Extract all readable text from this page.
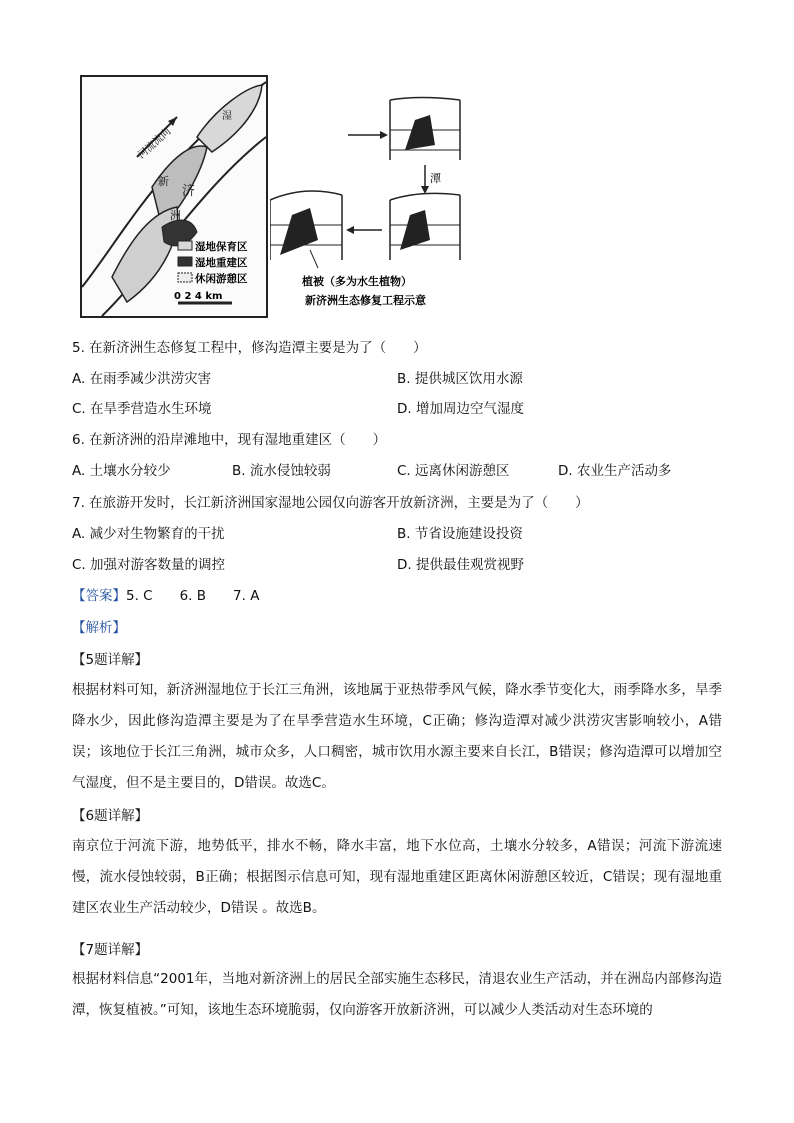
河流流向
新
济
洲
湿
湿地保育区
湿地重建区
休闲游憩区
0 2 4 km
潭
植被（多为水生植物）
新济洲生态修复工程示意
5. 在新济洲生态修复工程中，修沟造潭主要是为了（　　）
A. 在雨季减少洪涝灾害	B. 提供城区饮用水源
C. 在旱季营造水生环境	D. 增加周边空气湿度
6. 在新济洲的沿岸滩地中，现有湿地重建区（　　）
A. 土壤水分较少	B. 流水侵蚀较弱	C. 远离休闲游憩区	D. 农业生产活动多
7. 在旅游开发时，长江新济洲国家湿地公园仅向游客开放新济洲，主要是为了（　　）
A. 减少对生物繁育的干扰	B. 节省设施建设投资
C. 加强对游客数量的调控	D. 提供最佳观赏视野
【答案】5. C　　6. B　　7. A
【解析】
【5题详解】
根据材料可知，新济洲湿地位于长江三角洲，该地属于亚热带季风气候，降水季节变化大，雨季降水多，旱季降水少，因此修沟造潭主要是为了在旱季营造水生环境，C正确；修沟造潭对减少洪涝灾害影响较小，A错误；该地位于长江三角洲，城市众多，人口稠密，城市饮用水源主要来自长江，B错误；修沟造潭可以增加空气湿度，但不是主要目的，D错误。故选C。
【6题详解】
南京位于河流下游，地势低平，排水不畅，降水丰富，地下水位高，土壤水分较多，A错误；河流下游流速慢，流水侵蚀较弱，B正确；根据图示信息可知，现有湿地重建区距离休闲游憩区较近，C错误；现有湿地重建区农业生产活动较少，D错误 。故选B。
【7题详解】
根据材料信息“2001年，当地对新济洲上的居民全部实施生态移民，清退农业生产活动，并在洲岛内部修沟造潭，恢复植被。”可知，该地生态环境脆弱，仅向游客开放新济洲，可以减少人类活动对生态环境的
